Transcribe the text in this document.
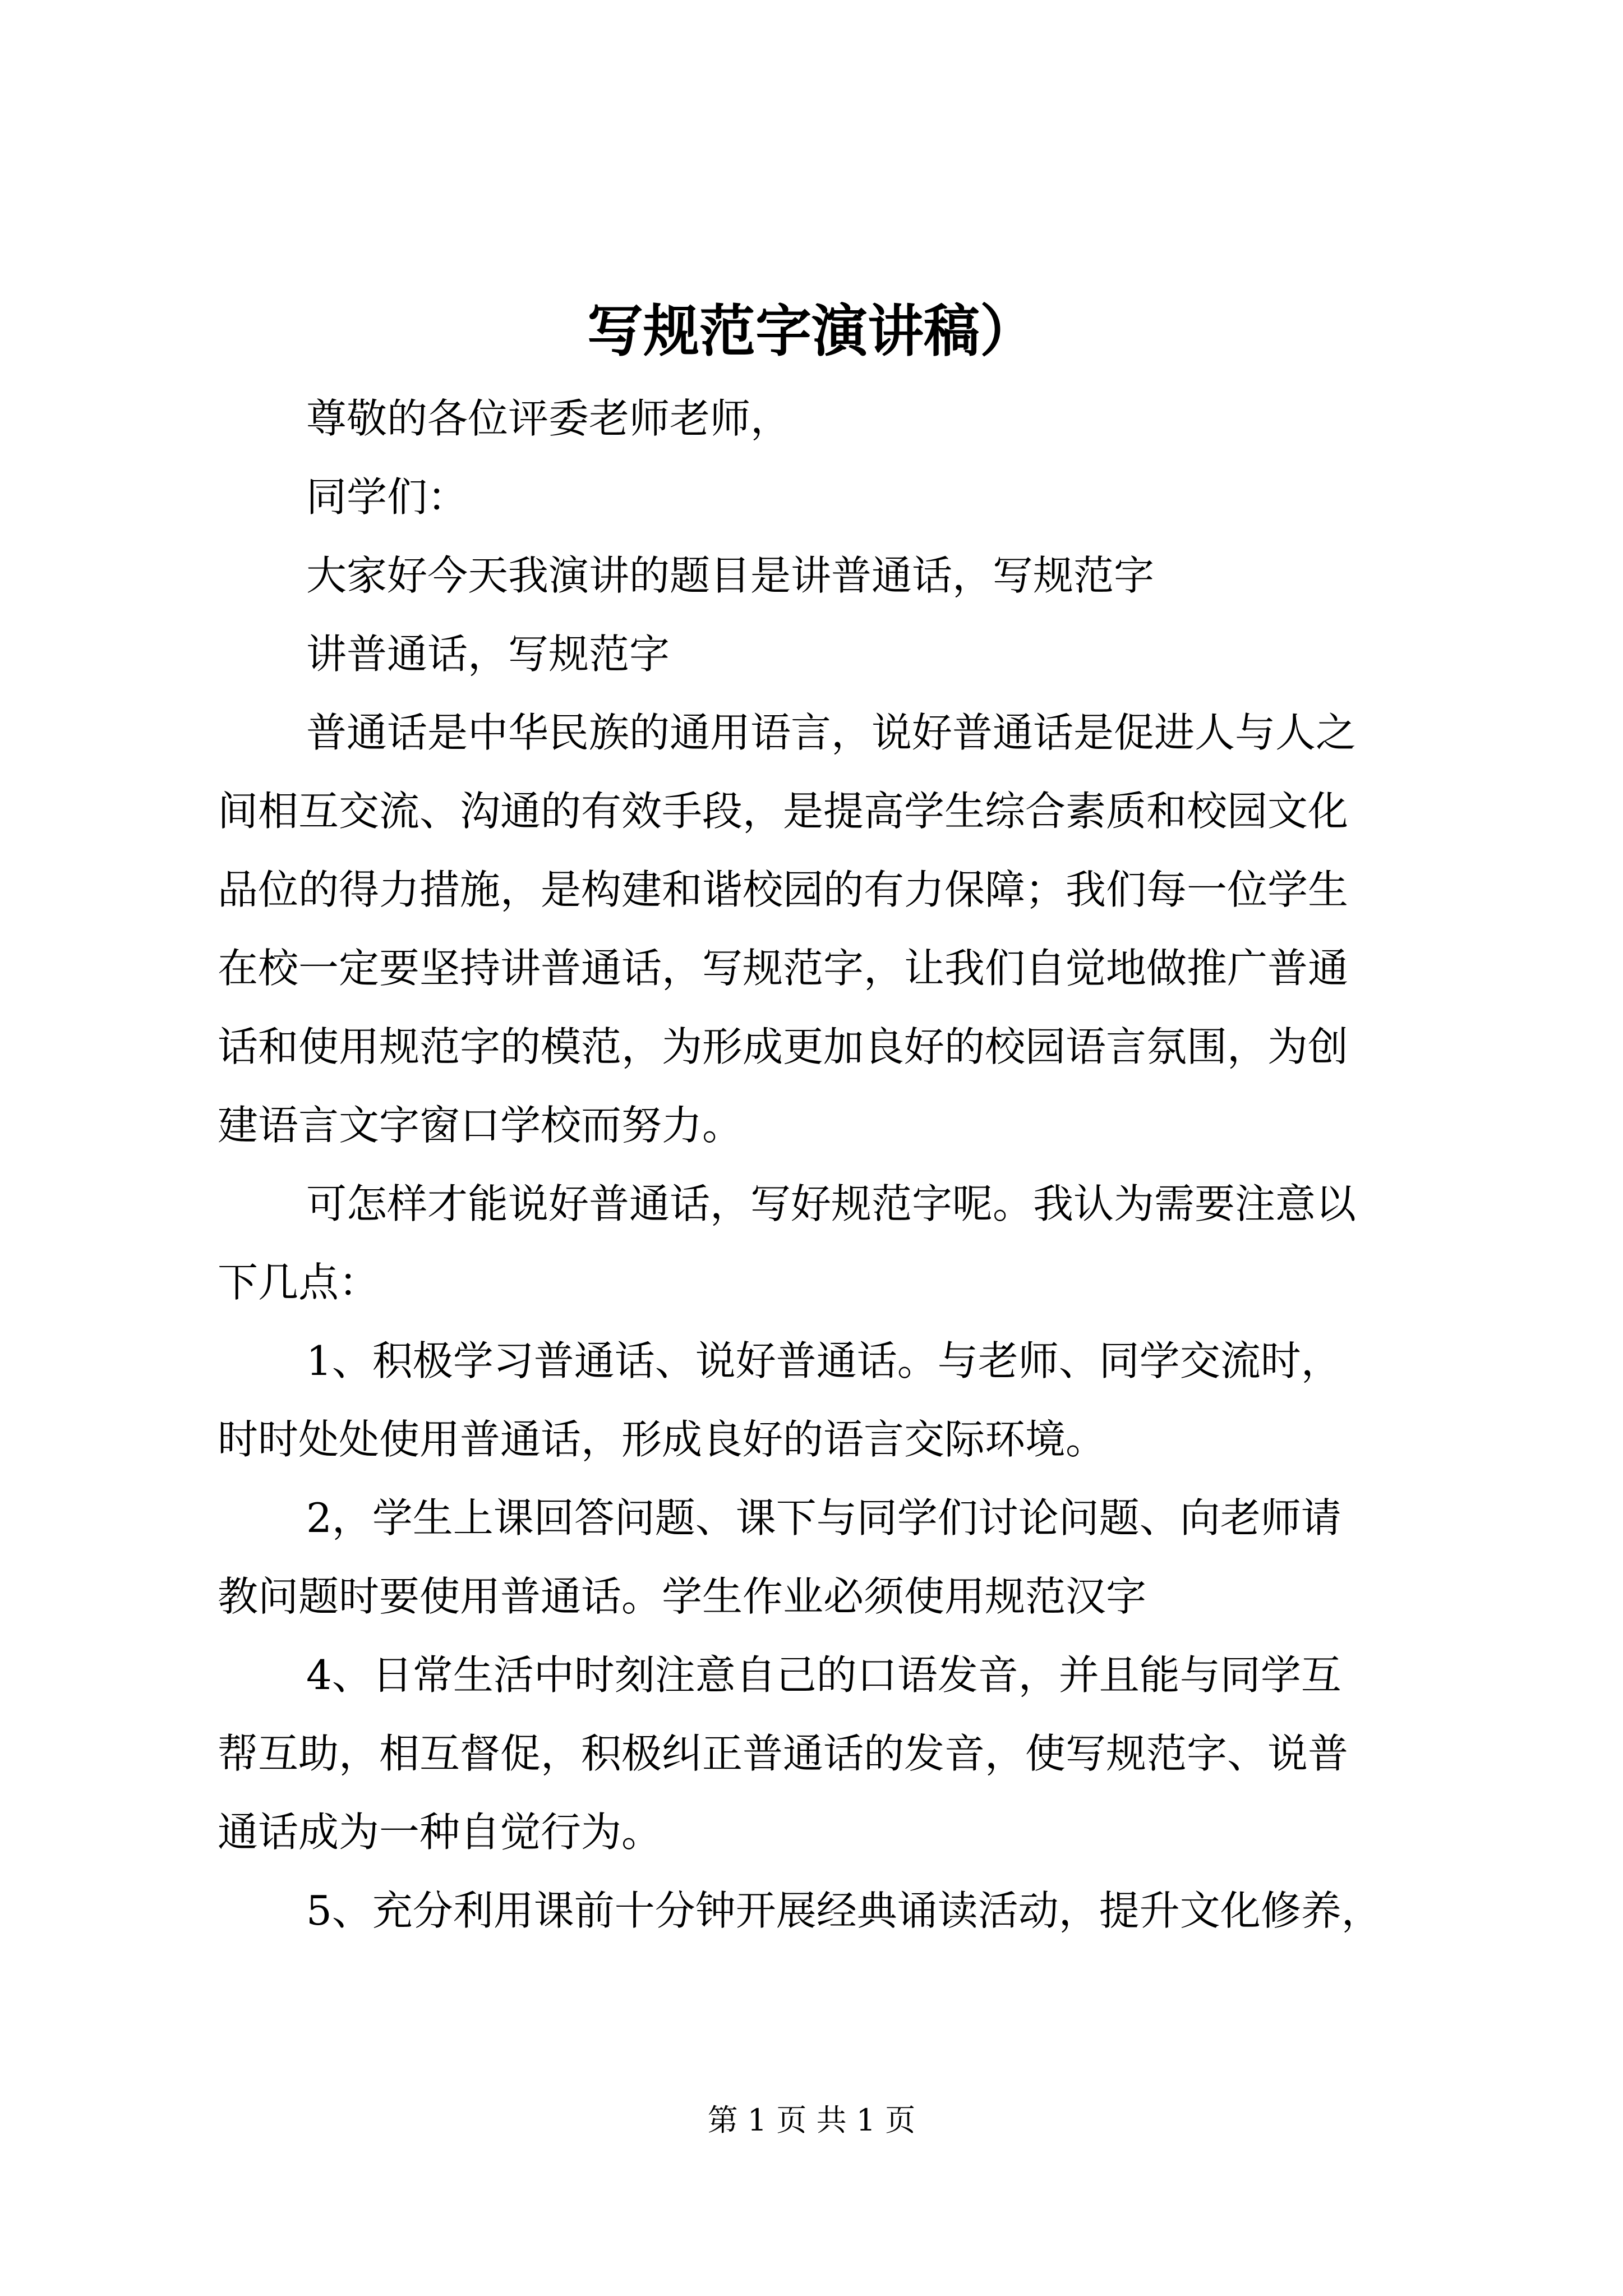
写规范字演讲稿）

尊敬的各位评委老师老师，

同学们：

大家好今天我演讲的题目是讲普通话，写规范字

讲普通话，写规范字

普通话是中华民族的通用语言，说好普通话是促进人与人之

间相互交流、沟通的有效手段，是提高学生综合素质和校园文化

品位的得力措施，是构建和谐校园的有力保障；我们每一位学生

在校一定要坚持讲普通话，写规范字，让我们自觉地做推广普通

话和使用规范字的模范，为形成更加良好的校园语言氛围，为创

建语言文字窗口学校而努力。

可怎样才能说好普通话，写好规范字呢。我认为需要注意以

下几点：

1、积极学习普通话、说好普通话。与老师、同学交流时，

时时处处使用普通话，形成良好的语言交际环境。

2，学生上课回答问题、课下与同学们讨论问题、向老师请

教问题时要使用普通话。学生作业必须使用规范汉字

4、日常生活中时刻注意自己的口语发音，并且能与同学互

帮互助，相互督促，积极纠正普通话的发音，使写规范字、说普

通话成为一种自觉行为。

5、充分利用课前十分钟开展经典诵读活动，提升文化修养，

第 1 页 共 1 页
